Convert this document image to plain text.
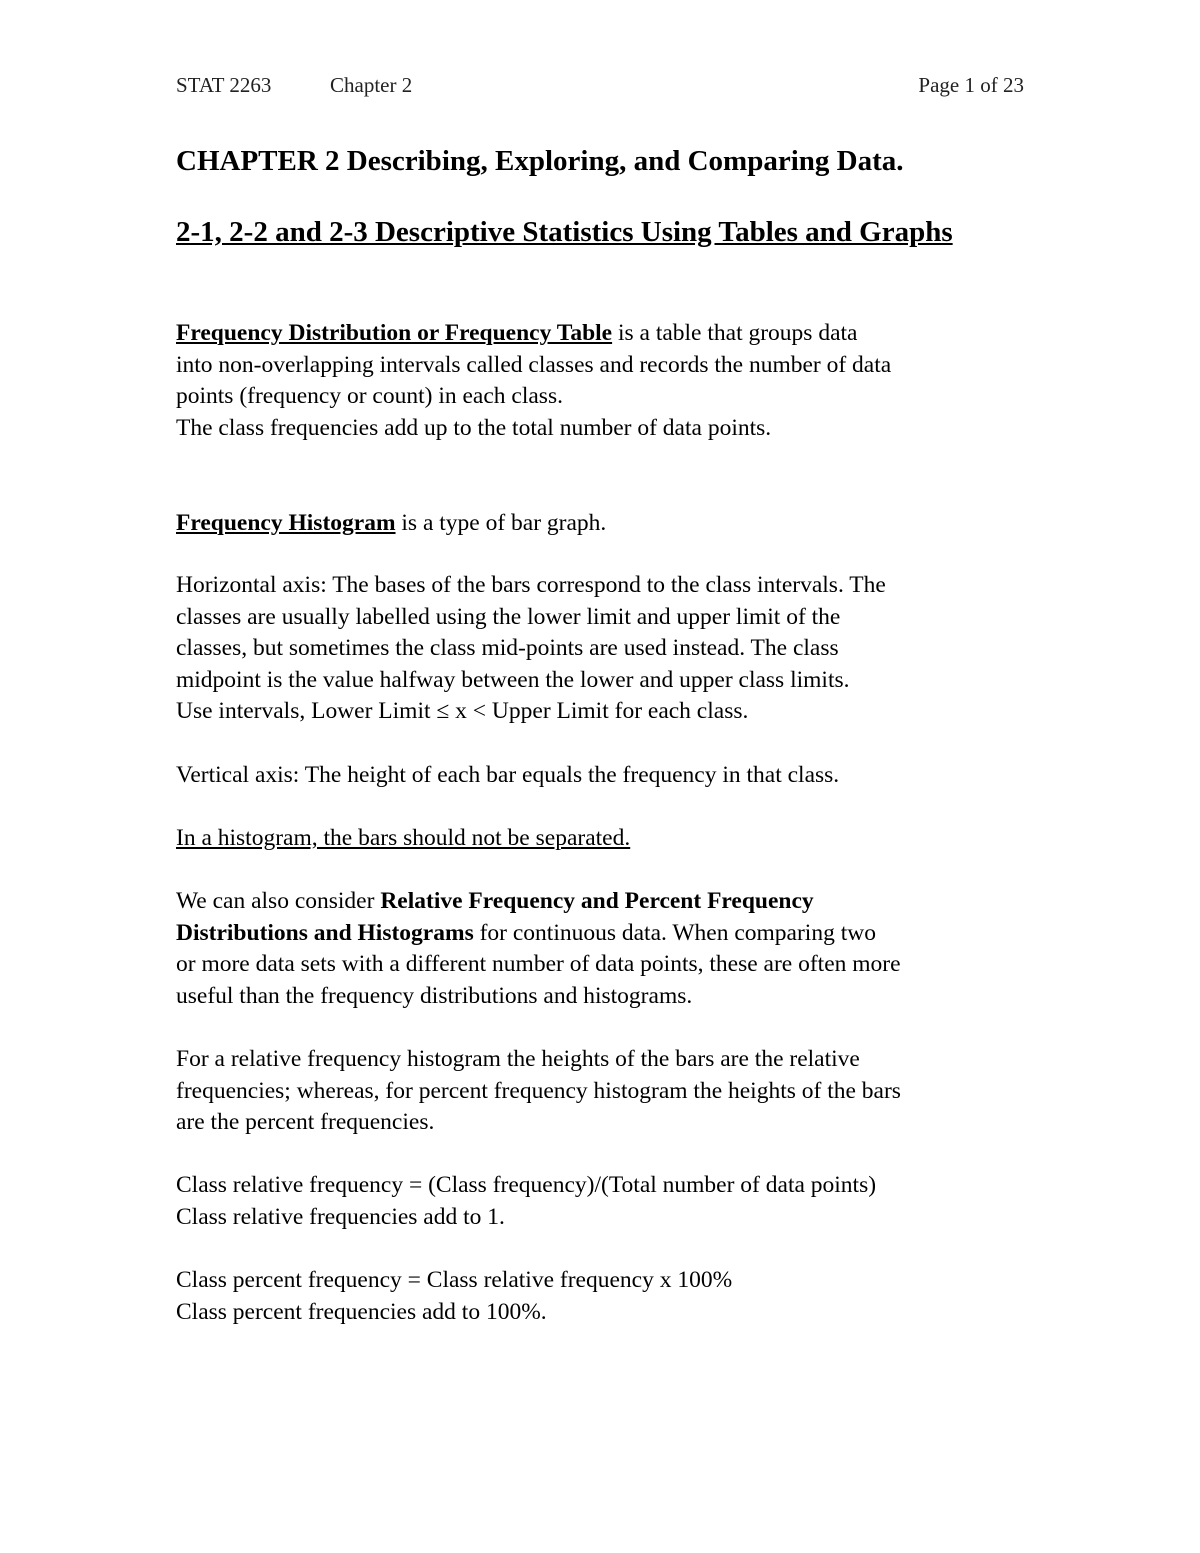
STAT 2263	Chapter 2	Page 1 of 23
CHAPTER 2 Describing, Exploring, and Comparing Data.
2-1, 2-2 and 2-3 Descriptive Statistics Using Tables and Graphs
Frequency Distribution or Frequency Table is a table that groups data
into non-overlapping intervals called classes and records the number of data
points (frequency or count) in each class.
The class frequencies add up to the total number of data points.
Frequency Histogram is a type of bar graph.
Horizontal axis: The bases of the bars correspond to the class intervals. The
classes are usually labelled using the lower limit and upper limit of the
classes, but sometimes the class mid-points are used instead. The class
midpoint is the value halfway between the lower and upper class limits.
Use intervals, Lower Limit ≤ x < Upper Limit for each class.
Vertical axis: The height of each bar equals the frequency in that class.
In a histogram, the bars should not be separated.
We can also consider Relative Frequency and Percent Frequency
Distributions and Histograms for continuous data. When comparing two
or more data sets with a different number of data points, these are often more
useful than the frequency distributions and histograms.
For a relative frequency histogram the heights of the bars are the relative
frequencies; whereas, for percent frequency histogram the heights of the bars
are the percent frequencies.
Class relative frequency = (Class frequency)/(Total number of data points)
Class relative frequencies add to 1.
Class percent frequency = Class relative frequency x 100%
Class percent frequencies add to 100%.
